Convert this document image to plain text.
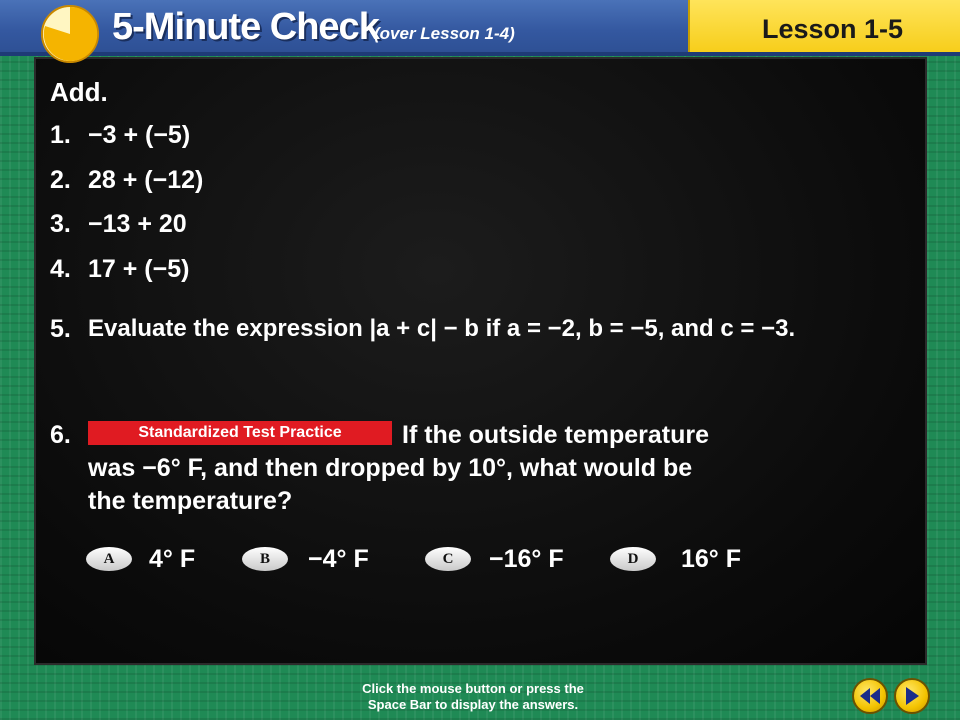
5-Minute Check
(over Lesson 1-4)	Lesson 1-5
Add.
1. −3 + (−5)
2. 28 + (−12)
3. −13 + 20
4. 17 + (−5)
5. Evaluate the expression |a + c| − b if a = −2, b = −5, and c = −3.
6.	Standardized Test Practice	If the outside temperature
was −6° F, and then dropped by 10°, what would be
the temperature?
A	4° F	B	−4° F	C	−16° F	D	16° F
Click the mouse button or press the
Space Bar to display the answers.
